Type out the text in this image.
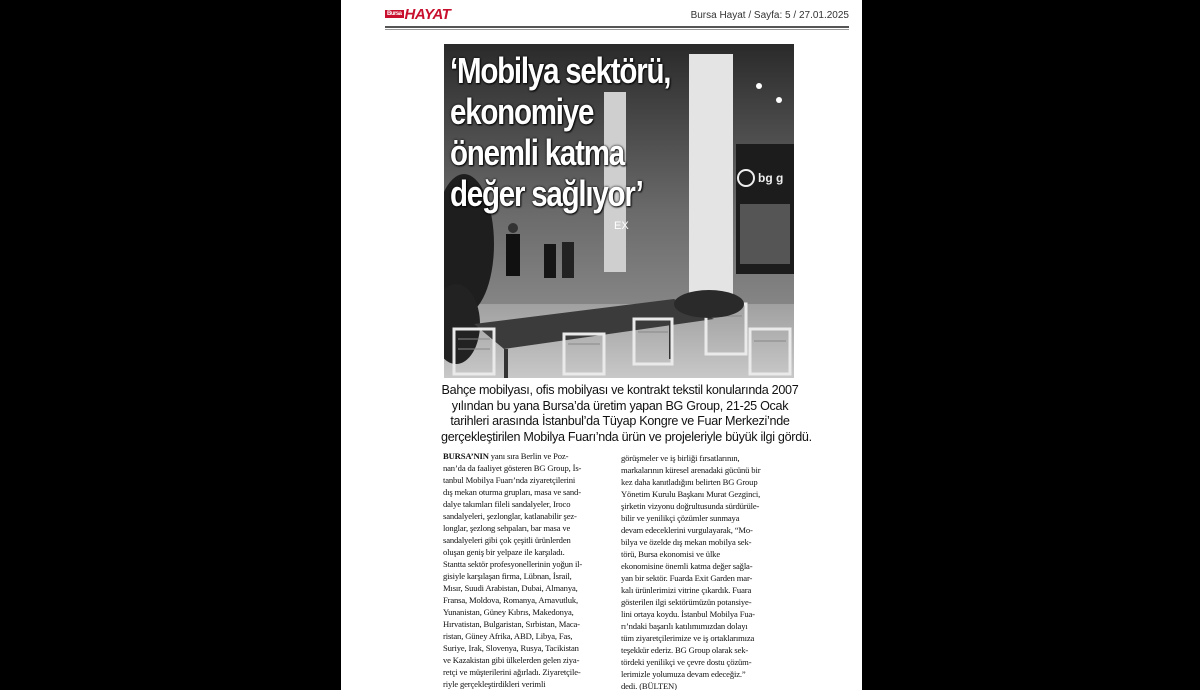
Bursa HAYAT	Bursa Hayat / Sayfa: 5 / 27.01.2025
bg g
EX
‘Mobilya sektörü,
ekonomiye
önemli katma
değer sağlıyor’
Bahçe mobilyası, ofis mobilyası ve kontrakt tekstil konularında 2007
yılından bu yana Bursa’da üretim yapan BG Group, 21-25 Ocak
tarihleri arasında İstanbul’da Tüyap Kongre ve Fuar Merkezi’nde
gerçekleştirilen Mobilya Fuarı’nda ürün ve projeleriyle büyük ilgi gördü.
BURSA’NIN yanı sıra Berlin ve Poz-
nan’da da faaliyet gösteren BG Group, İs-
tanbul Mobilya Fuarı’nda ziyaretçilerini
dış mekan oturma grupları, masa ve sand-
dalye takımları fileli sandalyeler, Iroco
sandalyeleri, şezlonglar, katlanabilir şez-
longlar, şezlong sehpaları, bar masa ve
sandalyeleri gibi çok çeşitli ürünlerden
oluşan geniş bir yelpaze ile karşıladı.
Stantta sektör profesyonellerinin yoğun il-
gisiyle karşılaşan firma, Lübnan, İsrail,
Mısır, Suudi Arabistan, Dubai, Almanya,
Fransa, Moldova, Romanya, Arnavutluk,
Yunanistan, Güney Kıbrıs, Makedonya,
Hırvatistan, Bulgaristan, Sırbistan, Maca-
ristan, Güney Afrika, ABD, Libya, Fas,
Suriye, Irak, Slovenya, Rusya, Tacikistan
ve Kazakistan gibi ülkelerden gelen ziya-
retçi ve müşterilerini ağırladı. Ziyaretçile-
riyle gerçekleştirdikleri verimli
görüşmeler ve iş birliği fırsatlarının,
markalarının küresel arenadaki gücünü bir
kez daha kanıtladığını belirten BG Group
Yönetim Kurulu Başkanı Murat Gezginci,
şirketin vizyonu doğrultusunda sürdürüle-
bilir ve yenilikçi çözümler sunmaya
devam edeceklerini vurgulayarak, “Mo-
bilya ve özelde dış mekan mobilya sek-
törü, Bursa ekonomisi ve ülke
ekonomisine önemli katma değer sağla-
yan bir sektör. Fuarda Exit Garden mar-
kalı ürünlerimizi vitrine çıkardık. Fuara
gösterilen ilgi sektörümüzün potansiye-
lini ortaya koydu. İstanbul Mobilya Fua-
rı’ndaki başarılı katılımımızdan dolayı
tüm ziyaretçilerimize ve iş ortaklarımıza
teşekkür ederiz. BG Group olarak sek-
tördeki yenilikçi ve çevre dostu çözüm-
lerimizle yolumuza devam edeceğiz.”
dedi. (BÜLTEN)
